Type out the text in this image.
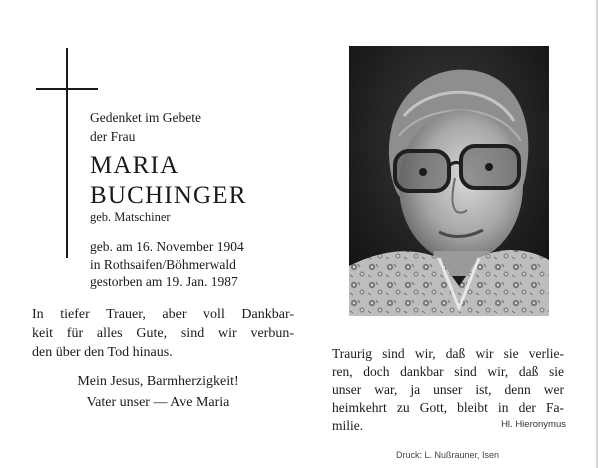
Gedenket im Gebete
der Frau
MARIA
BUCHINGER
geb. Matschiner
geb. am 16. November 1904
in Rothsaifen/Böhmerwald
gestorben am 19. Jan. 1987
In tiefer Trauer, aber voll Dankbar-
keit für alles Gute, sind wir verbun-
den über den Tod hinaus.
Mein Jesus, Barmherzigkeit!
Vater unser — Ave Maria
Traurig sind wir, daß wir sie verlie-
ren, doch dankbar sind wir, daß sie
unser war, ja unser ist, denn wer
heimkehrt zu Gott, bleibt in der Fa-
milie.	Hl. Hieronymus
Druck: L. Nußrauner, Isen
